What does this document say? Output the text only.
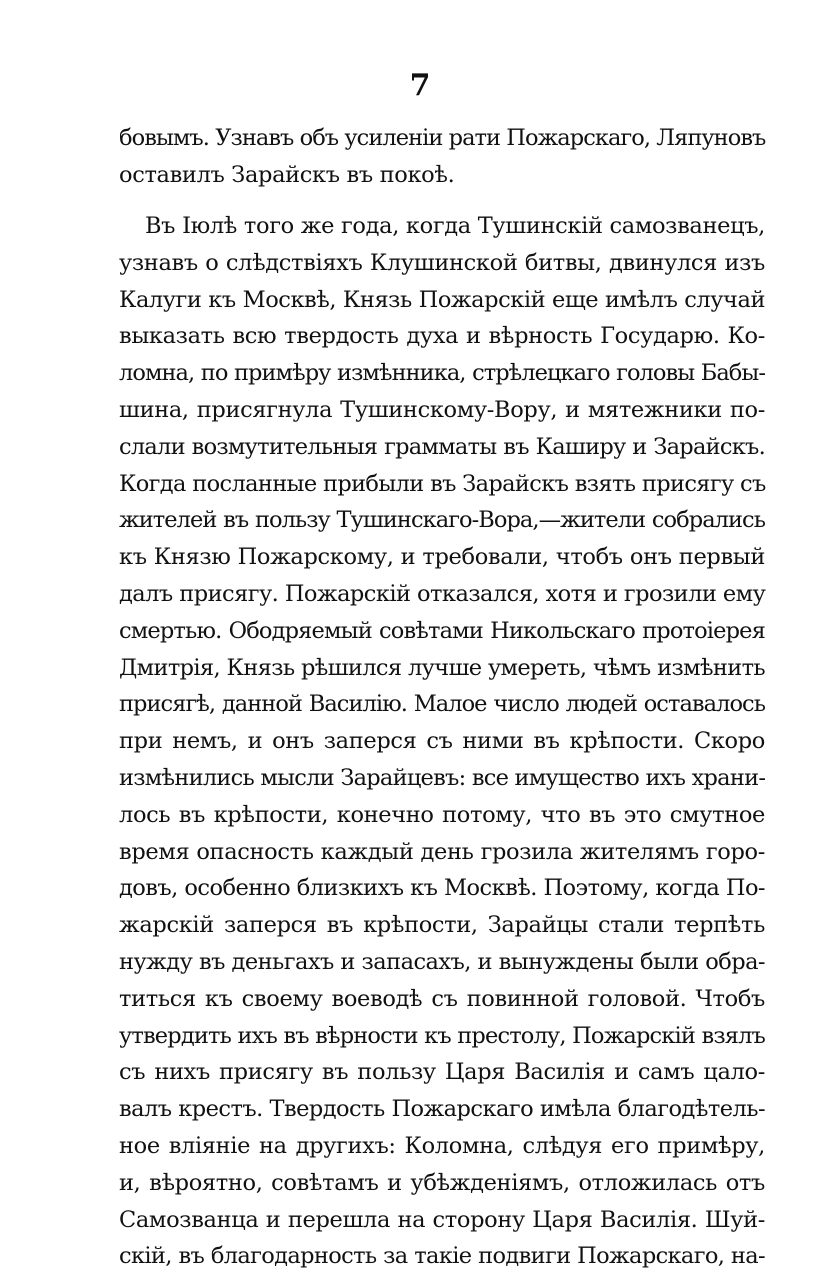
7
бовымъ. Узнавъ объ усиленіи рати Пожарскаго, Ляпуновъ
оставилъ Зарайскъ въ покоѣ.
Въ Іюлѣ того же года, когда Тушинскій самозванецъ,
узнавъ о слѣдствіяхъ Клушинской битвы, двинулся изъ
Калуги къ Москвѣ, Князь Пожарскій еще имѣлъ случай
выказать всю твердость духа и вѣрность Государю. Ко-
ломна, по примѣру измѣнника, стрѣлецкаго головы Бабы-
шина, присягнула Тушинскому-Вору, и мятежники по-
слали возмутительныя грамматы въ Каширу и Зарайскъ.
Когда посланные прибыли въ Зарайскъ взять присягу съ
жителей въ пользу Тушинскаго-Вора,—жители собрались
къ Князю Пожарскому, и требовали, чтобъ онъ первый
далъ присягу. Пожарскій отказался, хотя и грозили ему
смертью. Ободряемый совѣтами Никольскаго протоіерея
Дмитрія, Князь рѣшился лучше умереть, чѣмъ измѣнить
присягѣ, данной Василію. Малое число людей оставалось
при немъ, и онъ заперся съ ними въ крѣпости. Скоро
измѣнились мысли Зарайцевъ: все имущество ихъ храни-
лось въ крѣпости, конечно потому, что въ это смутное
время опасность каждый день грозила жителямъ горо-
довъ, особенно близкихъ къ Москвѣ. Поэтому, когда По-
жарскій заперся въ крѣпости, Зарайцы стали терпѣть
нужду въ деньгахъ и запасахъ, и вынуждены были обра-
титься къ своему воеводѣ съ повинной головой. Чтобъ
утвердить ихъ въ вѣрности къ престолу, Пожарскій взялъ
съ нихъ присягу въ пользу Царя Василія и самъ цало-
валъ крестъ. Твердость Пожарскаго имѣла благодѣтель-
ное вліяніе на другихъ: Коломна, слѣдуя его примѣру,
и, вѣроятно, совѣтамъ и убѣжденіямъ, отложилась отъ
Самозванца и перешла на сторону Царя Василія. Шуй-
скій, въ благодарность за такіе подвиги Пожарскаго, на-
